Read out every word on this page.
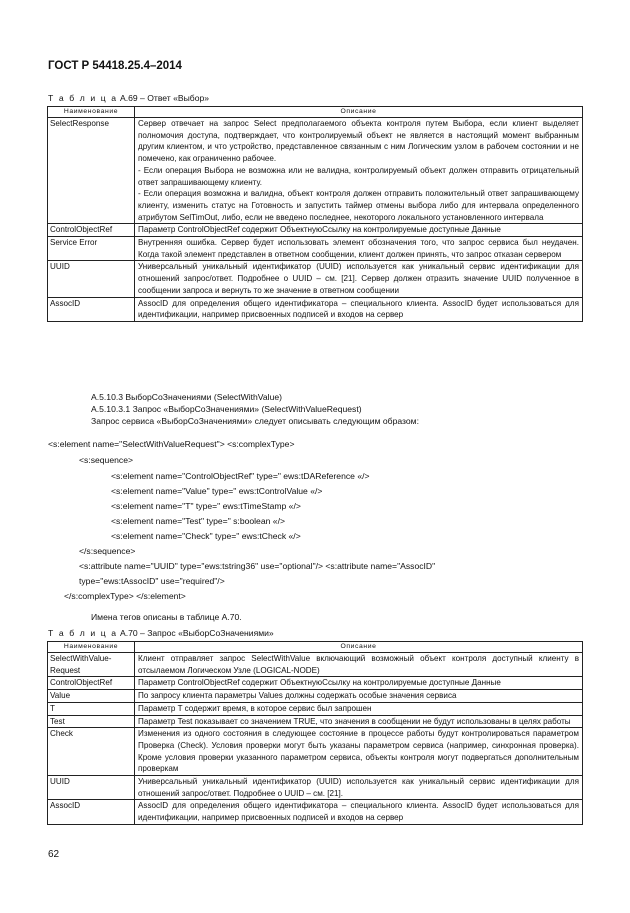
ГОСТ Р 54418.25.4–2014
Т а б л и ц а А.69 – Ответ «Выбор»
Наименование	Описание
SelectResponse	Сервер отвечает на запрос Select предполагаемого объекта контроля путем Выбора, если клиент выделяет полномочия доступа, подтверждает, что контролируемый объект не является в настоящий момент выбранным другим клиентом, и что устройство, представленное связанным с ним Логическим узлом в рабочем состоянии и не помечено, как ограниченно рабочее.
- Если операция Выбора не возможна или не валидна, контролируемый объект должен отправить отрицательный ответ запрашивающему клиенту.
- Если операция возможна и валидна, объект контроля должен отправить положительный ответ запрашивающему клиенту, изменить статус на Готовность и запустить таймер отмены выбора либо для интервала определенного атрибутом SelTimOut, либо, если не введено последнее, некоторого локального установленного интервала

ControlObjectRef	Параметр ControlObjectRef содержит ОбъектнуюСсылку на контролируемые доступные Данные
Service Error	Внутренняя ошибка. Сервер будет использовать элемент обозначения того, что запрос сервиса был неудачен. Когда такой элемент представлен в ответном сообщении, клиент должен принять, что запрос отказан сервером
UUID	Универсальный уникальный идентификатор (UUID) используется как уникальный сервис идентификации для отношений запрос/ответ. Подробнее о UUID – см. [21]. Сервер должен отразить значение UUID полученное в сообщении запроса и вернуть то же значение в ответном сообщении
AssocID	AssocID для определения общего идентификатора – специального клиента. AssocID будет использоваться для идентификации, например присвоенных подписей и входов на сервер
А.5.10.3 ВыборСоЗначениями (SelectWithValue)
А.5.10.3.1 Запрос «ВыборСоЗначениями» (SelectWithValueRequest)
Запрос сервиса «ВыборСоЗначениями» следует описывать следующим образом:
<s:element name="SelectWithValueRequest"> <s:complexType>
<s:sequence>
<s:element name="ControlObjectRef" type=" ews:tDAReference «/>
<s:element name="Value" type=" ews:tControlValue «/>
<s:element name="T" type=" ews:tTimeStamp «/>
<s:element name="Test" type=" s:boolean «/>
<s:element name="Check" type=" ews:tCheck «/>
</s:sequence>
<s:attribute name="UUID" type="ews:tstring36" use="optional"/> <s:attribute name="AssocID"
type="ews:tAssocID" use="required"/>
</s:complexType> </s:element>
Имена тегов описаны в таблице А.70.
Т а б л и ц а А.70 – Запрос «ВыборСоЗначениями»
Наименование	Описание
SelectWithValue-Request	Клиент отправляет запрос SelectWithValue включающий возможный объект контроля доступный клиенту в отсылаемом Логическом Узле (LOGICAL-NODE)
ControlObjectRef	Параметр ControlObjectRef содержит ОбъектнуюСсылку на контролируемые доступные Данные
Value	По запросу клиента параметры Values должны содержать особые значения сервиса
T	Параметр T содержит время, в которое сервис был запрошен
Test	Параметр Test показывает со значением TRUE, что значения в сообщении не будут использованы в целях работы
Check	Изменения из одного состояния в следующее состояние в процессе работы будут контролироваться параметром Проверка (Check). Условия проверки могут быть указаны параметром сервиса (например, синхронная проверка). Кроме условия проверки указанного параметром сервиса, объекты контроля могут подвергаться дополнительным проверкам
UUID	Универсальный уникальный идентификатор (UUID) используется как уникальный сервис идентификации для отношений запрос/ответ. Подробнее о UUID – см. [21].
AssocID	AssocID для определения общего идентификатора – специального клиента. AssocID будет использоваться для идентификации, например присвоенных подписей и входов на сервер
62
